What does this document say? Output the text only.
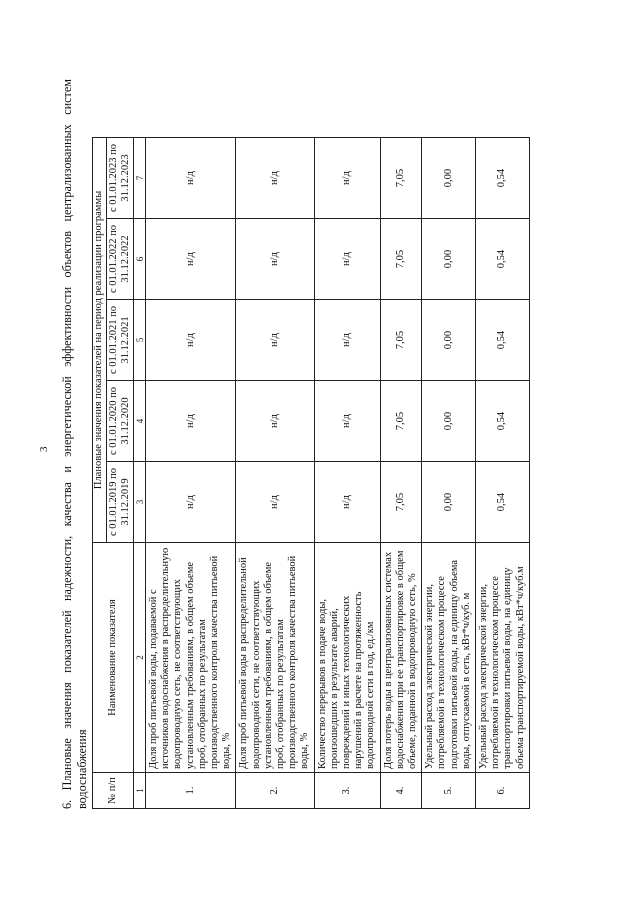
3 6. Плановые значения показателей надежности, качества и энергетической эффективности объектов централизованных систем водоснабжения № п/п	Наименование показателя	Плановые значения показателей на период реализации программы				
		с 01.01.2019 по 31.12.2019	с 01.01.2020 по 31.12.2020	с 01.01.2021 по 31.12.2021	с 01.01.2022 по 31.12.2022	с 01.01.2023 по 31.12.2023
1	2	3	4	5	6	7
1.	Доля проб питьевой воды, подаваемой с источников водоснабжения в распределительную водопроводную сеть, не соответствующих установленным требованиям, в общем объеме проб, отобранных по результатам производственного контроля качества питьевой воды, %	н/д	н/д	н/д	н/д	н/д
2.	Доля проб питьевой воды в распределительной водопроводной сети, не соответствующих установленным требованиям, в общем объеме проб, отобранных по результатам производственного контроля качества питьевой воды, %	н/д	н/д	н/д	н/д	н/д
3.	Количество перерывов в подаче воды, произошедших в результате аварий, повреждений и иных технологических нарушений в расчете на протяженность водопроводной сети в год, ед./км	н/д	н/д	н/д	н/д	н/д
4.	Доля потерь воды в централизованных системах водоснабжения при ее транспортировке в общем объеме, поданной в водопроводную сеть, %	7,05	7,05	7,05	7,05	7,05
5.	Удельный расход электрической энергии, потребляемой в технологическом процессе подготовки питьевой воды, на единицу объема воды, отпускаемой в сеть, кВт*ч/куб. м	0,00	0,00	0,00	0,00	0,00
6.	Удельный расход электрической энергии, потребляемой в технологическом процессе транспортировки питьевой воды, на единицу объема транспортируемой воды, кВт*ч/куб.м	0,54	0,54	0,54	0,54	0,54
